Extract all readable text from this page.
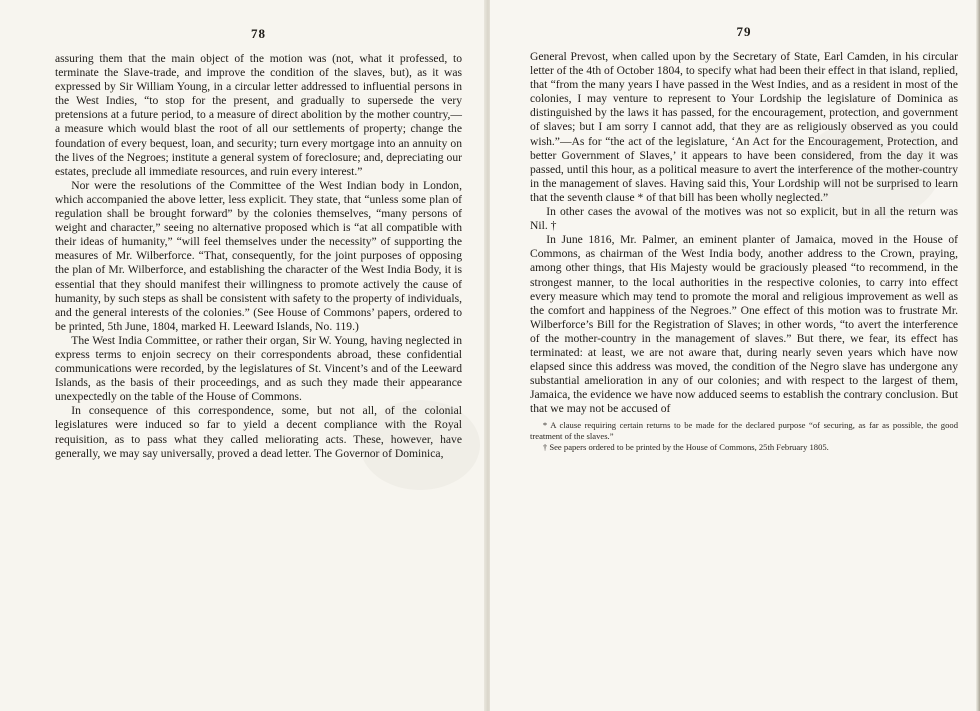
78

assuring them that the main object of the motion was (not, what it professed, to terminate the Slave-trade, and improve the condition of the slaves, but), as it was expressed by Sir William Young, in a circular letter addressed to influential persons in the West Indies, “to stop for the present, and gradually to supersede the very pretensions at a future period, to a measure of direct abolition by the mother country,—a measure which would blast the root of all our settlements of property; change the foundation of every bequest, loan, and security; turn every mortgage into an annuity on the lives of the Negroes; institute a general system of foreclosure; and, depreciating our estates, preclude all immediate resources, and ruin every interest.”

Nor were the resolutions of the Committee of the West Indian body in London, which accompanied the above letter, less explicit. They state, that “unless some plan of regulation shall be brought forward” by the colonies themselves, “many persons of weight and character,” seeing no alternative proposed which is “at all compatible with their ideas of humanity,” “will feel themselves under the necessity” of supporting the measures of Mr. Wilberforce. “That, consequently, for the joint purposes of opposing the plan of Mr. Wilberforce, and establishing the character of the West India Body, it is essential that they should manifest their willingness to promote actively the cause of humanity, by such steps as shall be consistent with safety to the property of individuals, and the general interests of the colonies.” (See House of Commons’ papers, ordered to be printed, 5th June, 1804, marked H. Leeward Islands, No. 119.)

The West India Committee, or rather their organ, Sir W. Young, having neglected in express terms to enjoin secrecy on their correspondents abroad, these confidential communications were recorded, by the legislatures of St. Vincent’s and of the Leeward Islands, as the basis of their proceedings, and as such they made their appearance unexpectedly on the table of the House of Commons.

In consequence of this correspondence, some, but not all, of the colonial legislatures were induced so far to yield a decent compliance with the Royal requisition, as to pass what they called meliorating acts. These, however, have generally, we may say universally, proved a dead letter. The Governor of Dominica,

79

General Prevost, when called upon by the Secretary of State, Earl Camden, in his circular letter of the 4th of October 1804, to specify what had been their effect in that island, replied, that “from the many years I have passed in the West Indies, and as a resident in most of the colonies, I may venture to represent to Your Lordship the legislature of Dominica as distinguished by the laws it has passed, for the encouragement, protection, and government of slaves; but I am sorry I cannot add, that they are as religiously observed as you could wish.”—As for “the act of the legislature, ‘An Act for the Encouragement, Protection, and better Government of Slaves,’ it appears to have been considered, from the day it was passed, until this hour, as a political measure to avert the interference of the mother-country in the management of slaves. Having said this, Your Lordship will not be surprised to learn that the seventh clause * of that bill has been wholly neglected.”

In other cases the avowal of the motives was not so explicit, but in all the return was Nil. †

In June 1816, Mr. Palmer, an eminent planter of Jamaica, moved in the House of Commons, as chairman of the West India body, another address to the Crown, praying, among other things, that His Majesty would be graciously pleased “to recommend, in the strongest manner, to the local authorities in the respective colonies, to carry into effect every measure which may tend to promote the moral and religious improvement as well as the comfort and happiness of the Negroes.” One effect of this motion was to frustrate Mr. Wilberforce’s Bill for the Registration of Slaves; in other words, “to avert the interference of the mother-country in the management of slaves.” But there, we fear, its effect has terminated: at least, we are not aware that, during nearly seven years which have now elapsed since this address was moved, the condition of the Negro slave has undergone any substantial amelioration in any of our colonies; and with respect to the largest of them, Jamaica, the evidence we have now adduced seems to establish the contrary conclusion. But that we may not be accused of

* A clause requiring certain returns to be made for the declared purpose “of securing, as far as possible, the good treatment of the slaves.”

† See papers ordered to be printed by the House of Commons, 25th February 1805.
